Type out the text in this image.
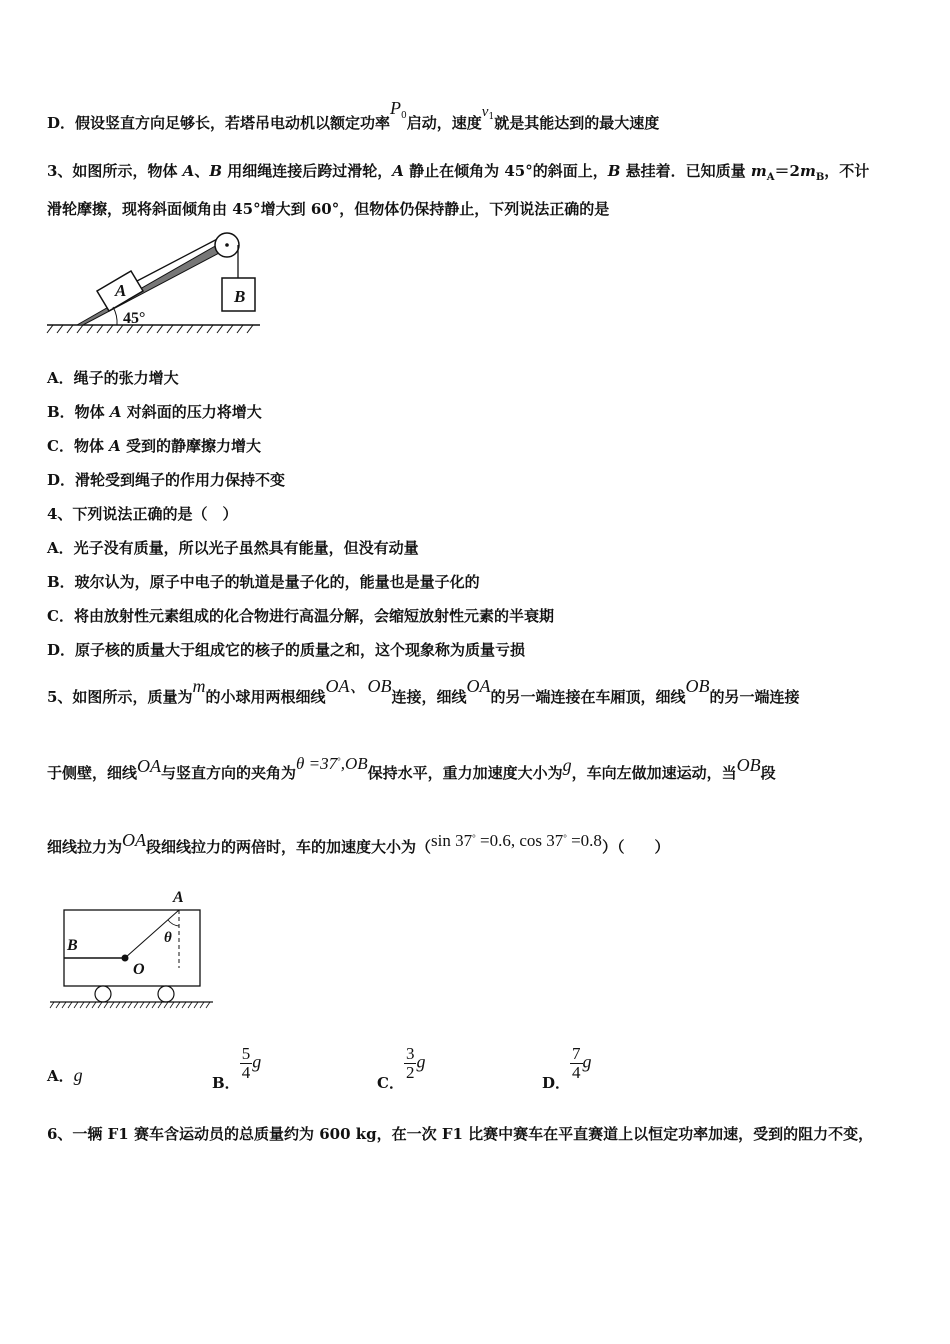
D．假设竖直方向足够长，若塔吊电动机以额定功率$P^0$启动，速度$v^1$就是其能达到的最大速度
3、如图所示，物体 A、B 用细绳连接后跨过滑轮，A 静止在倾角为 45°的斜面上，B 悬挂着．已知质量 $m_A=2m_B$，不计
滑轮摩擦，现将斜面倾角由 45°增大到 60°，但物体仍保持静止，下列说法正确的是
A	B
45°
A．绳子的张力增大
B．物体 A 对斜面的压力将增大
C．物体 A 受到的静摩擦力增大
D．滑轮受到绳子的作用力保持不变
4、下列说法正确的是（　）
A．光子没有质量，所以光子虽然具有能量，但没有动量
B．玻尔认为，原子中电子的轨道是量子化的，能量也是量子化的
C．将由放射性元素组成的化合物进行高温分解，会缩短放射性元素的半衰期
D．原子核的质量大于组成它的核子的质量之和，这个现象称为质量亏损
5、如图所示，质量为m的小球用两根细线OA、OB连接，细线OA的另一端连接在车厢顶，细线OB的另一端连接
于侧壁，细线OA与竖直方向的夹角为θ =37°,OB保持水平，重力加速度大小为g，车向左做加速运动，当OB段
细线拉力为OA段细线拉力的两倍时，车的加速度大小为（sin 37° =0.6, cos 37° =0.8）（　　）
A
B
O
θ
A．g	B．
$\frac{5}{4}$ g
C．
$\frac{3}{2}$ g
D．
$\frac{7}{4}$ g
6、一辆 F1 赛车含运动员的总质量约为 600 kg，在一次 F1 比赛中赛车在平直赛道上以恒定功率加速，受到的阻力不变，
